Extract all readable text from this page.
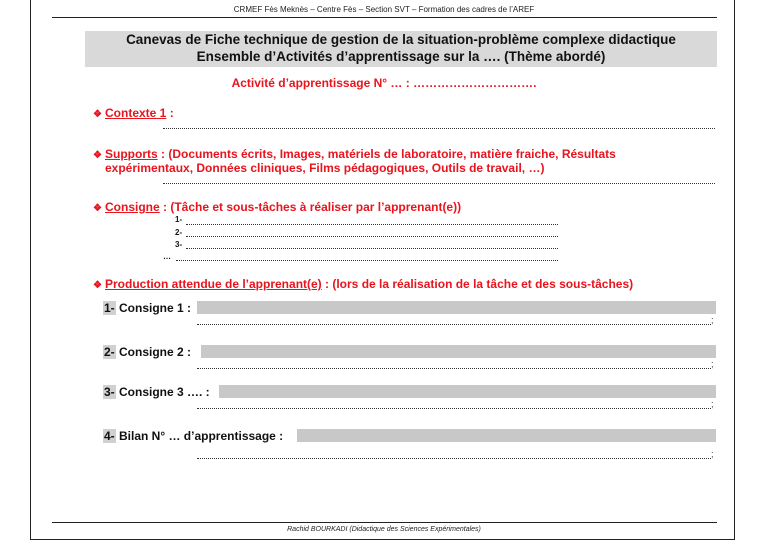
CRMEF Fès Meknès – Centre Fès – Section SVT – Formation des cadres de l’AREF
Canevas de Fiche technique de gestion de la situation-problème complexe didactique
Ensemble d’Activités d’apprentissage sur la …. (Thème abordé)
Activité d’apprentissage N° … : ………………………….
❖ Contexte 1 :
❖ Supports : (Documents écrits, Images, matériels de laboratoire, matière fraiche, Résultats
expérimentaux, Données cliniques, Films pédagogiques, Outils de travail, …)
❖ Consigne : (Tâche et sous-tâches à réaliser par l’apprenant(e))
1-
2-
3-
…
❖ Production attendue de l’apprenant(e) : (lors de la réalisation de la tâche et des sous-tâches)
1- Consigne 1 :
;
2- Consigne 2 :
;
3- Consigne 3 …. :
;
4- Bilan N° … d’apprentissage :
;
Rachid BOURKADI (Didactique des Sciences Expérimentales)
